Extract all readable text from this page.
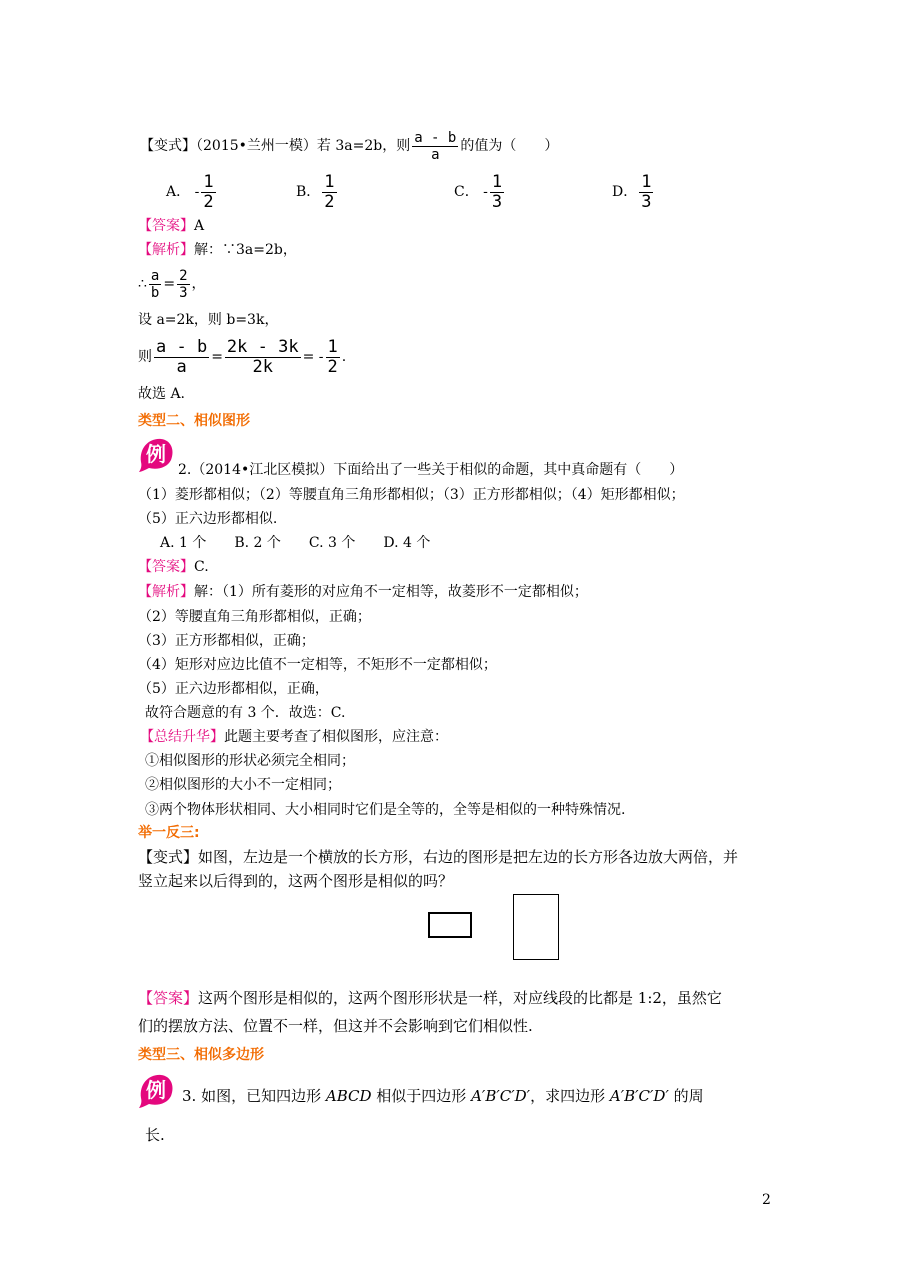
【变式】（2015•兰州一模）若 3a=2b，则 $\frac{a - b}{a}$ 的值为（　　）
A． - $\frac{1}{2}$	B． $\frac{1}{2}$	C． - $\frac{1}{3}$	D． $\frac{1}{3}$
【答案】A
【解析】解：∵3a=2b，
∴ $\frac{a}{b} = \frac{2}{3}$ ，
设 a=2k，则 b=3k，
则 $\frac{a - b}{a} = \frac{2k - 3k}{2k}$ = - $\frac{1}{2}$ .
故选 A.
类型二、相似图形
例
2.（2014•江北区模拟）下面给出了一些关于相似的命题，其中真命题有（　　）
（1）菱形都相似；（2）等腰直角三角形都相似；（3）正方形都相似；（4）矩形都相似；
（5）正六边形都相似.
A. 1 个　　B. 2 个　　C. 3 个　　D. 4 个
【答案】C.
【解析】解：（1）所有菱形的对应角不一定相等，故菱形不一定都相似；
（2）等腰直角三角形都相似，正确；
（3）正方形都相似，正确；
（4）矩形对应边比值不一定相等，不矩形不一定都相似；
（5）正六边形都相似，正确，
故符合题意的有 3 个．故选：C.
【总结升华】此题主要考查了相似图形，应注意：
①相似图形的形状必须完全相同；
②相似图形的大小不一定相同；
③两个物体形状相同、大小相同时它们是全等的，全等是相似的一种特殊情况.
举一反三:
【变式】如图，左边是一个横放的长方形，右边的图形是把左边的长方形各边放大两倍，并
竖立起来以后得到的，这两个图形是相似的吗？
【答案】这两个图形是相似的，这两个图形形状是一样，对应线段的比都是 1:2，虽然它
们的摆放方法、位置不一样，但这并不会影响到它们相似性.
类型三、相似多边形
例 3. 如图，已知四边形 ABCD 相似于四边形 A′B′C′D′，求四边形 A′B′C′D′ 的周
长.
2
